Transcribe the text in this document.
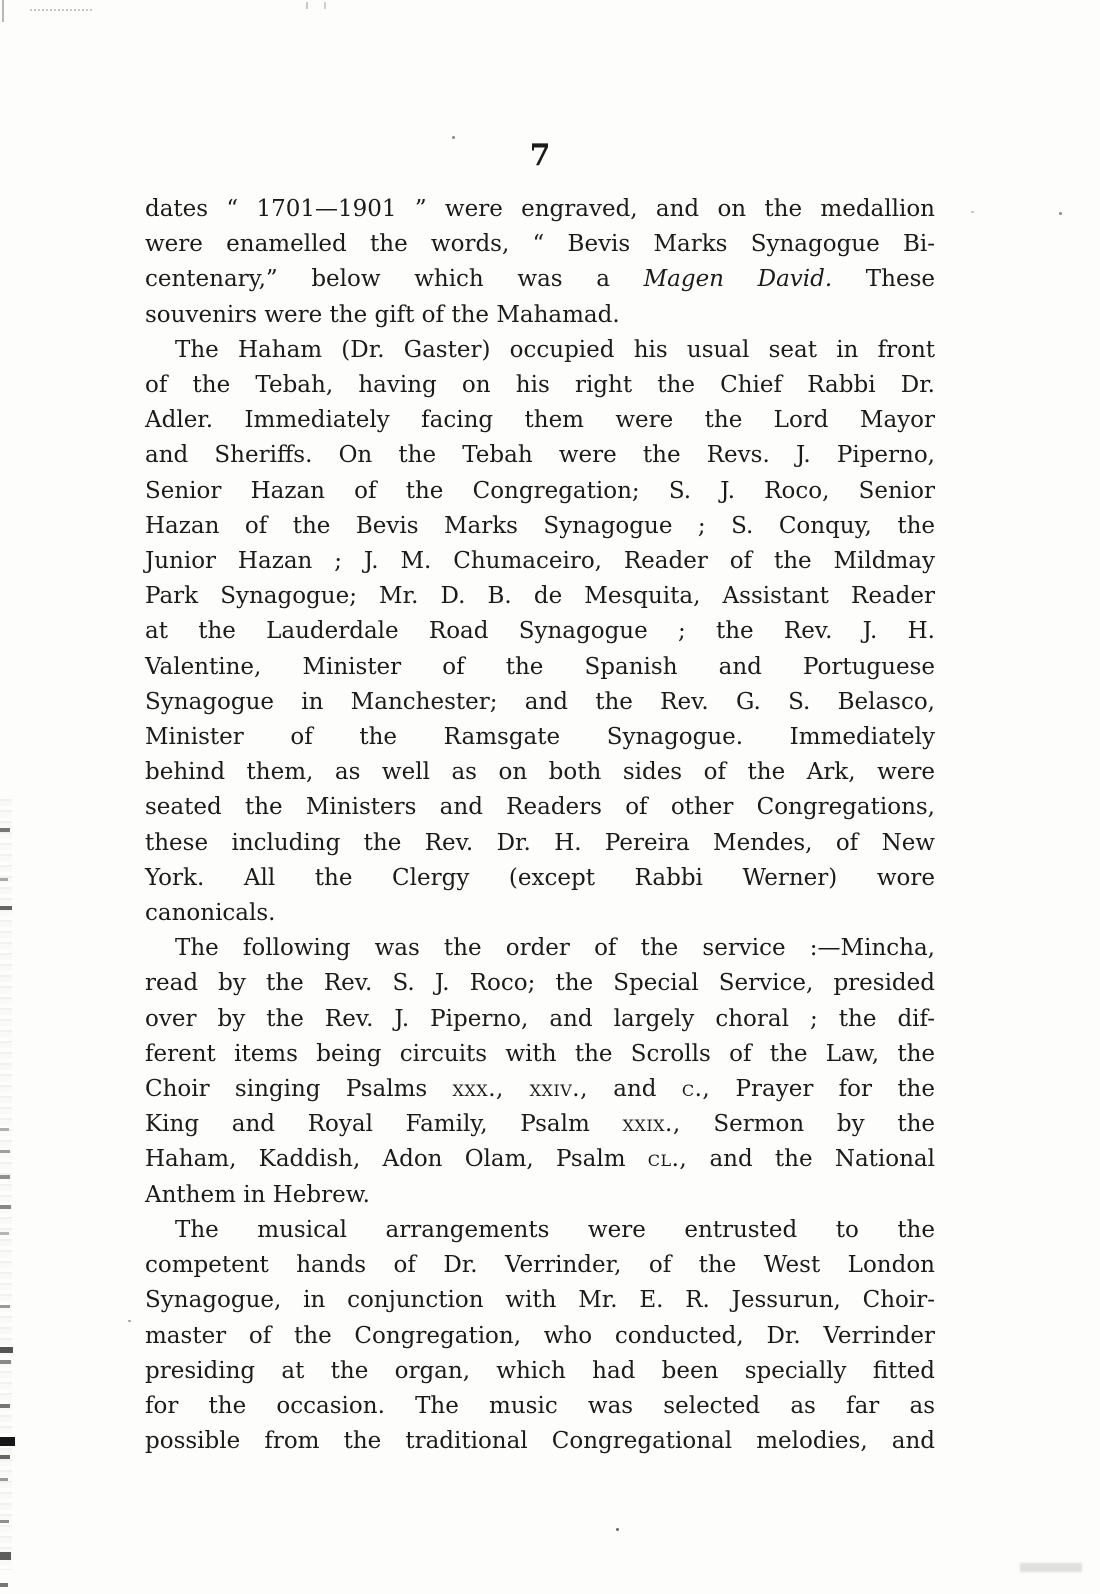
7
dates “ 1701—1901 ” were engraved, and on the medallion
were enamelled the words, “ Bevis Marks Synagogue Bi-
centenary,” below which was a Magen David. These
souvenirs were the gift of the Mahamad.
The Haham (Dr. Gaster) occupied his usual seat in front
of the Tebah, having on his right the Chief Rabbi Dr.
Adler. Immediately facing them were the Lord Mayor
and Sheriffs. On the Tebah were the Revs. J. Piperno,
Senior Hazan of the Congregation; S. J. Roco, Senior
Hazan of the Bevis Marks Synagogue ; S. Conquy, the
Junior Hazan ; J. M. Chumaceiro, Reader of the Mildmay
Park Synagogue; Mr. D. B. de Mesquita, Assistant Reader
at the Lauderdale Road Synagogue ; the Rev. J. H.
Valentine, Minister of the Spanish and Portuguese
Synagogue in Manchester; and the Rev. G. S. Belasco,
Minister of the Ramsgate Synagogue. Immediately
behind them, as well as on both sides of the Ark, were
seated the Ministers and Readers of other Congregations,
these including the Rev. Dr. H. Pereira Mendes, of New
York. All the Clergy (except Rabbi Werner) wore
canonicals.
The following was the order of the service :—Mincha,
read by the Rev. S. J. Roco; the Special Service, presided
over by the Rev. J. Piperno, and largely choral ; the dif-
ferent items being circuits with the Scrolls of the Law, the
Choir singing Psalms xxx., xxiv., and c., Prayer for the
King and Royal Family, Psalm xxix., Sermon by the
Haham, Kaddish, Adon Olam, Psalm cl., and the National
Anthem in Hebrew.
The musical arrangements were entrusted to the
competent hands of Dr. Verrinder, of the West London
Synagogue, in conjunction with Mr. E. R. Jessurun, Choir-
master of the Congregation, who conducted, Dr. Verrinder
presiding at the organ, which had been specially fitted
for the occasion. The music was selected as far as
possible from the traditional Congregational melodies, and
